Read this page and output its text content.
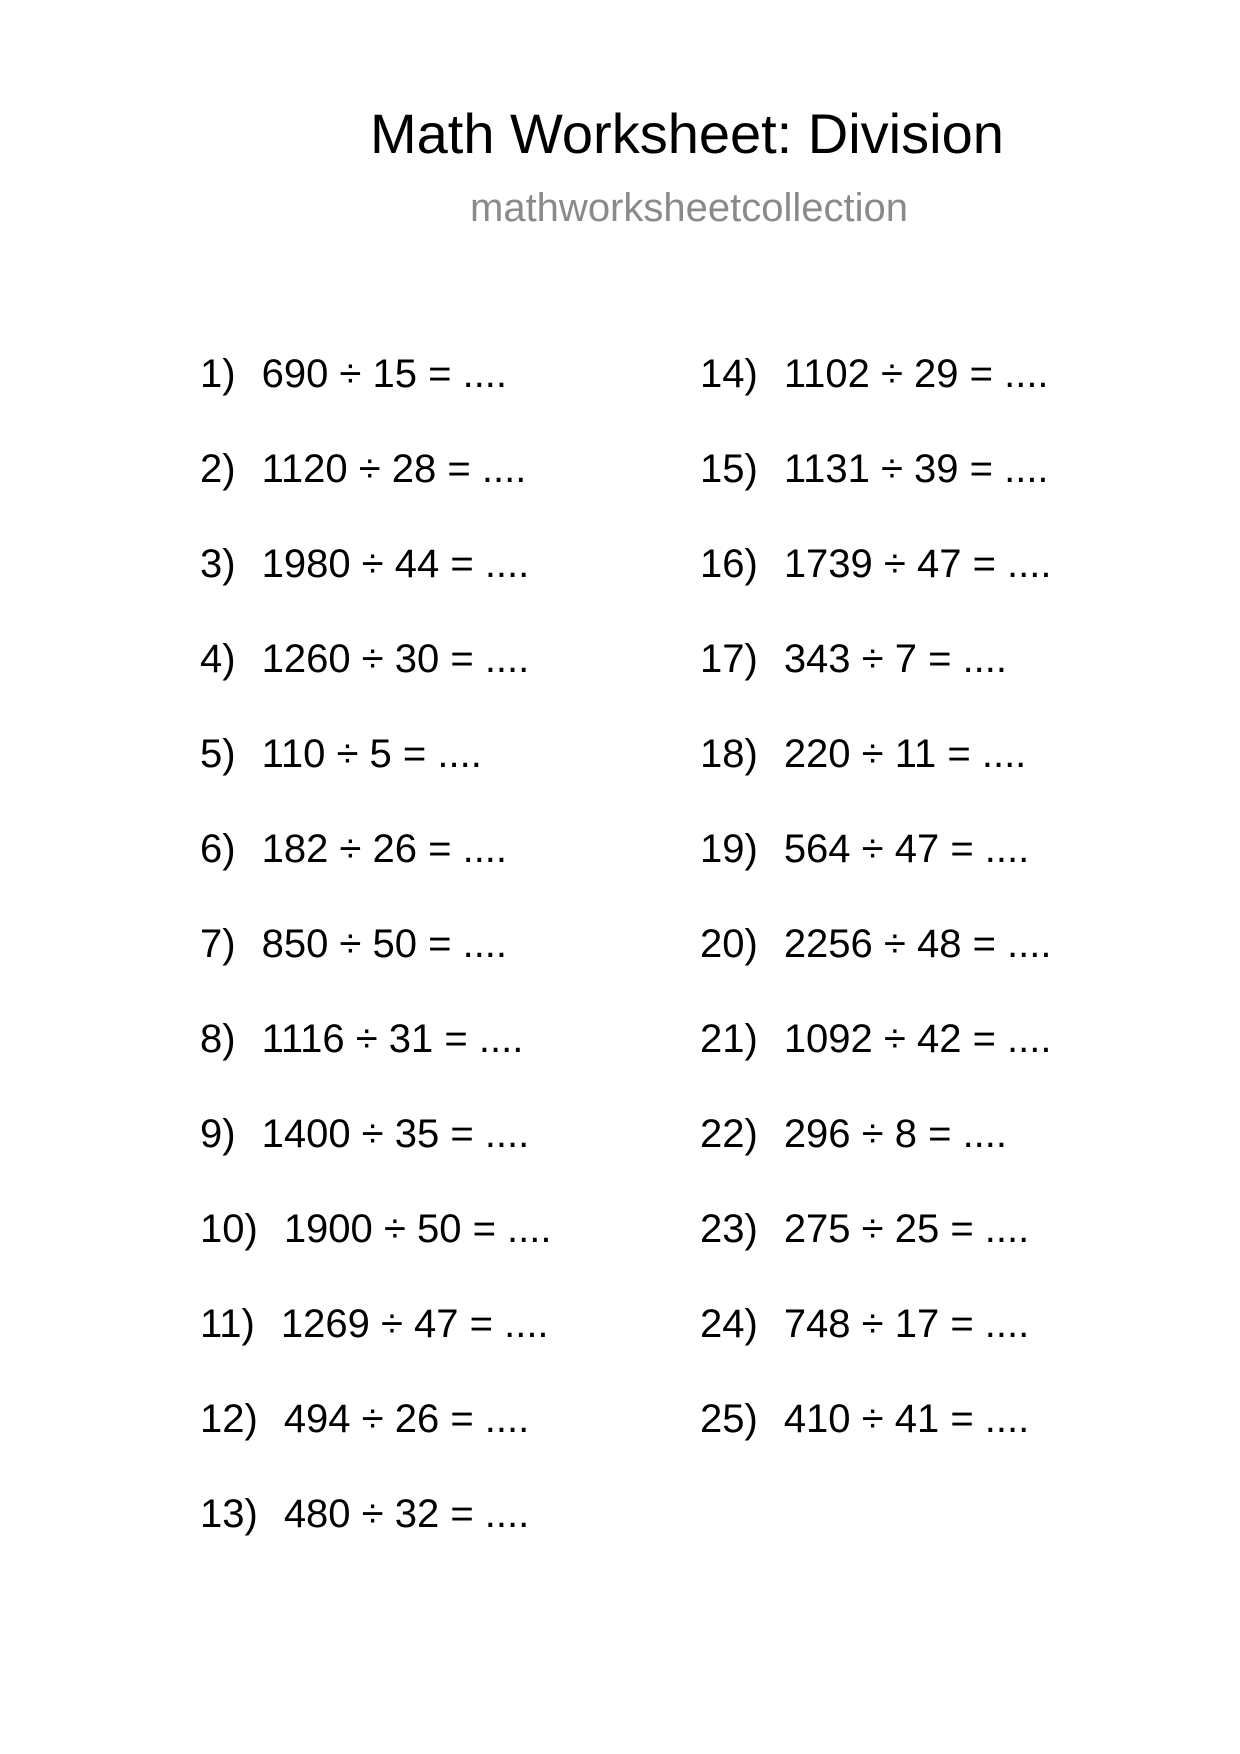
Math Worksheet: Division
mathworksheetcollection
1) 690 ÷ 15 = ....
2) 1120 ÷ 28 = ....
3) 1980 ÷ 44 = ....
4) 1260 ÷ 30 = ....
5) 110 ÷ 5 = ....
6) 182 ÷ 26 = ....
7) 850 ÷ 50 = ....
8) 1116 ÷ 31 = ....
9) 1400 ÷ 35 = ....
10) 1900 ÷ 50 = ....
11) 1269 ÷ 47 = ....
12) 494 ÷ 26 = ....
13) 480 ÷ 32 = ....
14) 1102 ÷ 29 = ....
15) 1131 ÷ 39 = ....
16) 1739 ÷ 47 = ....
17) 343 ÷ 7 = ....
18) 220 ÷ 11 = ....
19) 564 ÷ 47 = ....
20) 2256 ÷ 48 = ....
21) 1092 ÷ 42 = ....
22) 296 ÷ 8 = ....
23) 275 ÷ 25 = ....
24) 748 ÷ 17 = ....
25) 410 ÷ 41 = ....
